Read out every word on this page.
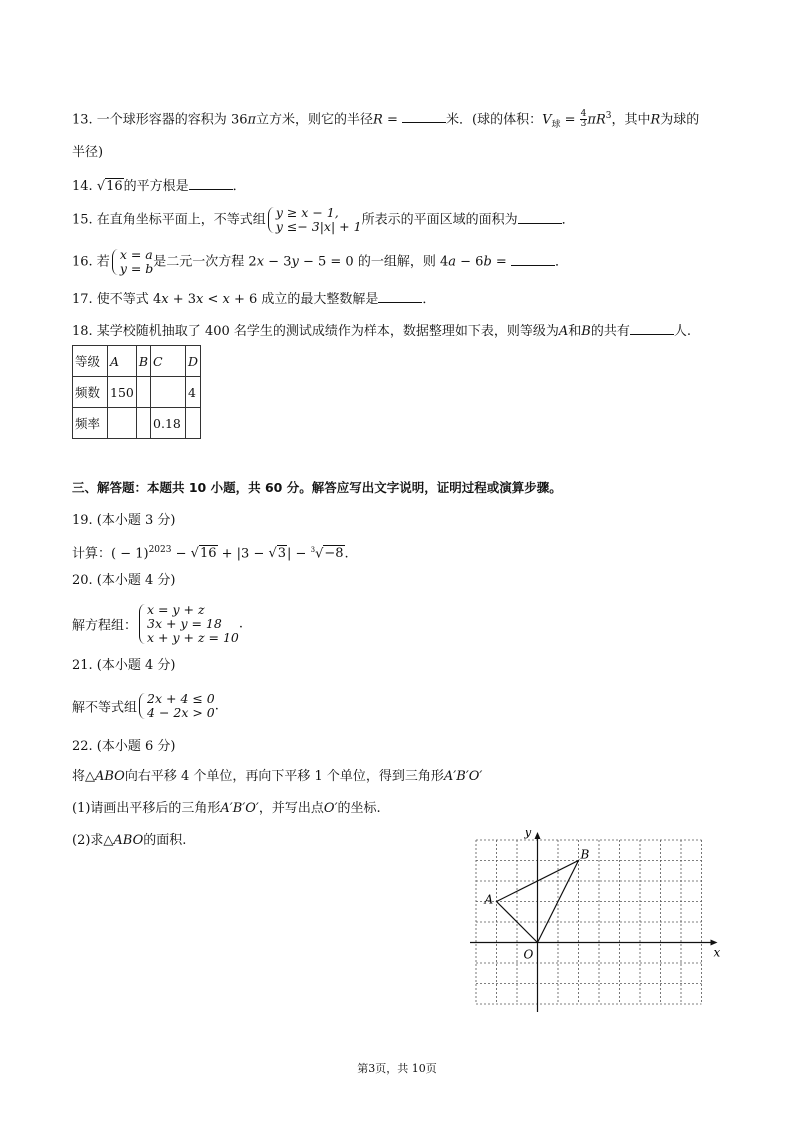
13. 一个球形容器的容积为 36π立方米，则它的半径R =	米．(球的体积：$V_球 = \frac{4}{3} \pi R^3$，其中R为球的
半径)
14. √16的平方根是	．
15. 在直角坐标平面上，不等式组 y ≥ x − 1,
y ≤− 3|x| + 1 所表示的平面区域的面积为	．
16. 若 x = a
y = b 是二元一次方程 2x − 3y − 5 = 0 的一组解，则 4a − 6b =	．
17. 使不等式 4x + 3x < x + 6 成立的最大整数解是	．
18. 某学校随机抽取了 400 名学生的测试成绩作为样本，数据整理如下表，则等级为A和B的共有	人.
等级	A	B	C	D
频数	150			4
频率			0.18	
三、解答题：本题共 10 小题，共 60 分。解答应写出文字说明，证明过程或演算步骤。
19. (本小题 3 分)
计算：( − 1)$^{2023}$ − √16 + |3 − √3| − $^3$√−8.
20. (本小题 4 分)
解方程组：
x = y + z
3x + y = 18
x + y + z = 10
.
21. (本小题 4 分)
解不等式组
2x + 4 ≤ 0
4 − 2x > 0 .
22. (本小题 6 分)
将△ABO向右平移 4 个单位，再向下平移 1 个单位，得到三角形A′B′O′
(1)请画出平移后的三角形A′B′O′，并写出点O′的坐标.
(2)求△ABO的面积.
A
B
O	x
y
第3页，共 10页
